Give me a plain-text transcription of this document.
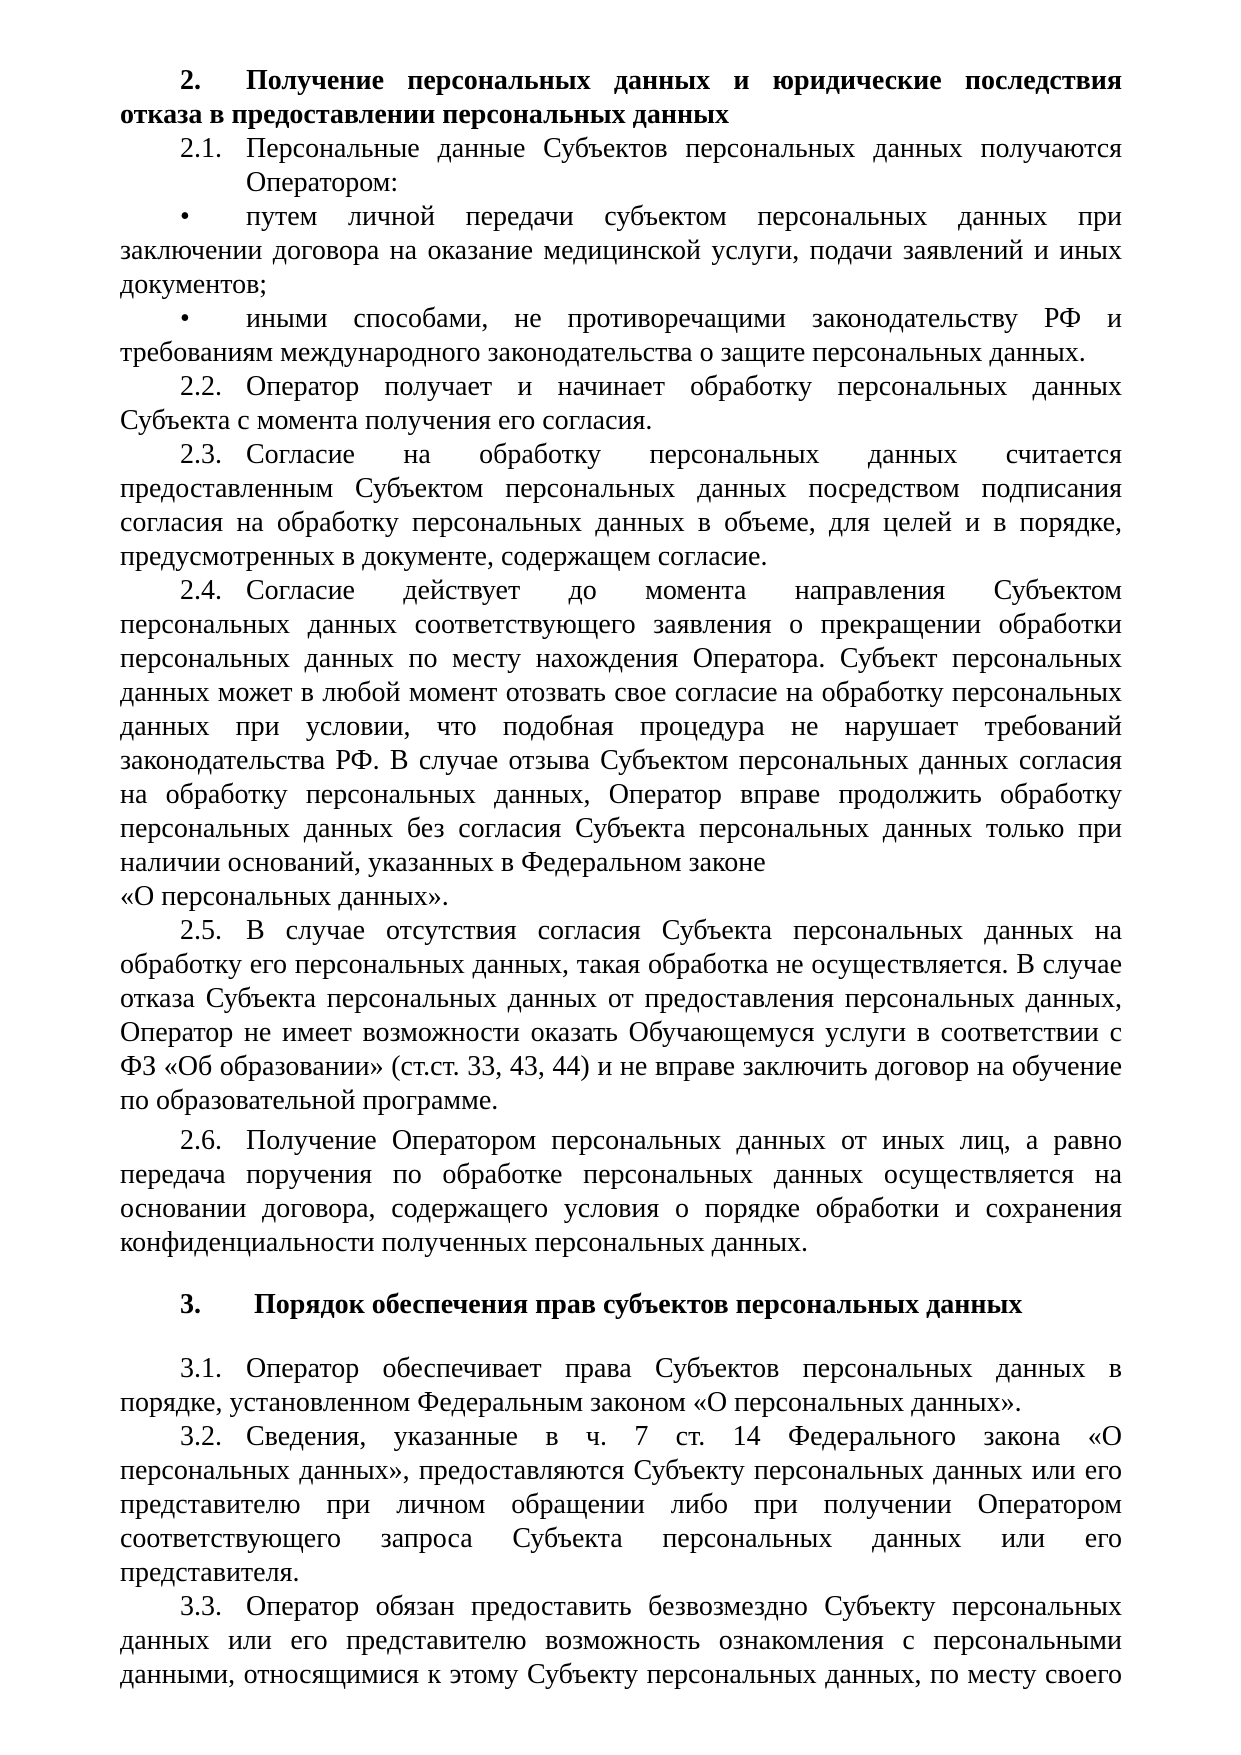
2. Получение персональных данных и юридические последствия
отказа в предоставлении персональных данных
2.1. Персональные данные Субъектов персональных данных получаются
Оператором:
• путем личной передачи субъектом персональных данных при
заключении договора на оказание медицинской услуги, подачи заявлений и иных
документов;
• иными способами, не противоречащими законодательству РФ и
требованиям международного законодательства о защите персональных данных.
2.2. Оператор получает и начинает обработку персональных данных
Субъекта с момента получения его согласия.
2.3. Согласие на обработку персональных данных считается
предоставленным Субъектом персональных данных посредством подписания
согласия на обработку персональных данных в объеме, для целей и в порядке,
предусмотренных в документе, содержащем согласие.
2.4. Согласие действует до момента направления Субъектом
персональных данных соответствующего заявления о прекращении обработки
персональных данных по месту нахождения Оператора. Субъект персональных
данных может в любой момент отозвать свое согласие на обработку персональных
данных при условии, что подобная процедура не нарушает требований
законодательства РФ. В случае отзыва Субъектом персональных данных согласия
на обработку персональных данных, Оператор вправе продолжить обработку
персональных данных без согласия Субъекта персональных данных только при
наличии оснований, указанных в Федеральном законе
«О персональных данных».
2.5. В случае отсутствия согласия Субъекта персональных данных на
обработку его персональных данных, такая обработка не осуществляется. В случае
отказа Субъекта персональных данных от предоставления персональных данных,
Оператор не имеет возможности оказать Обучающемуся услуги в соответствии с
ФЗ «Об образовании» (ст.ст. 33, 43, 44) и не вправе заключить договор на обучение
по образовательной программе.
2.6. Получение Оператором персональных данных от иных лиц, а равно
передача поручения по обработке персональных данных осуществляется на
основании договора, содержащего условия о порядке обработки и сохранения
конфиденциальности полученных персональных данных.
3. Порядок обеспечения прав субъектов персональных данных
3.1. Оператор обеспечивает права Субъектов персональных данных в
порядке, установленном Федеральным законом «О персональных данных».
3.2. Сведения, указанные в ч. 7 ст. 14 Федерального закона «О
персональных данных», предоставляются Субъекту персональных данных или его
представителю при личном обращении либо при получении Оператором
соответствующего запроса Субъекта персональных данных или его
представителя.
3.3. Оператор обязан предоставить безвозмездно Субъекту персональных
данных или его представителю возможность ознакомления с персональными
данными, относящимися к этому Субъекту персональных данных, по месту своего
